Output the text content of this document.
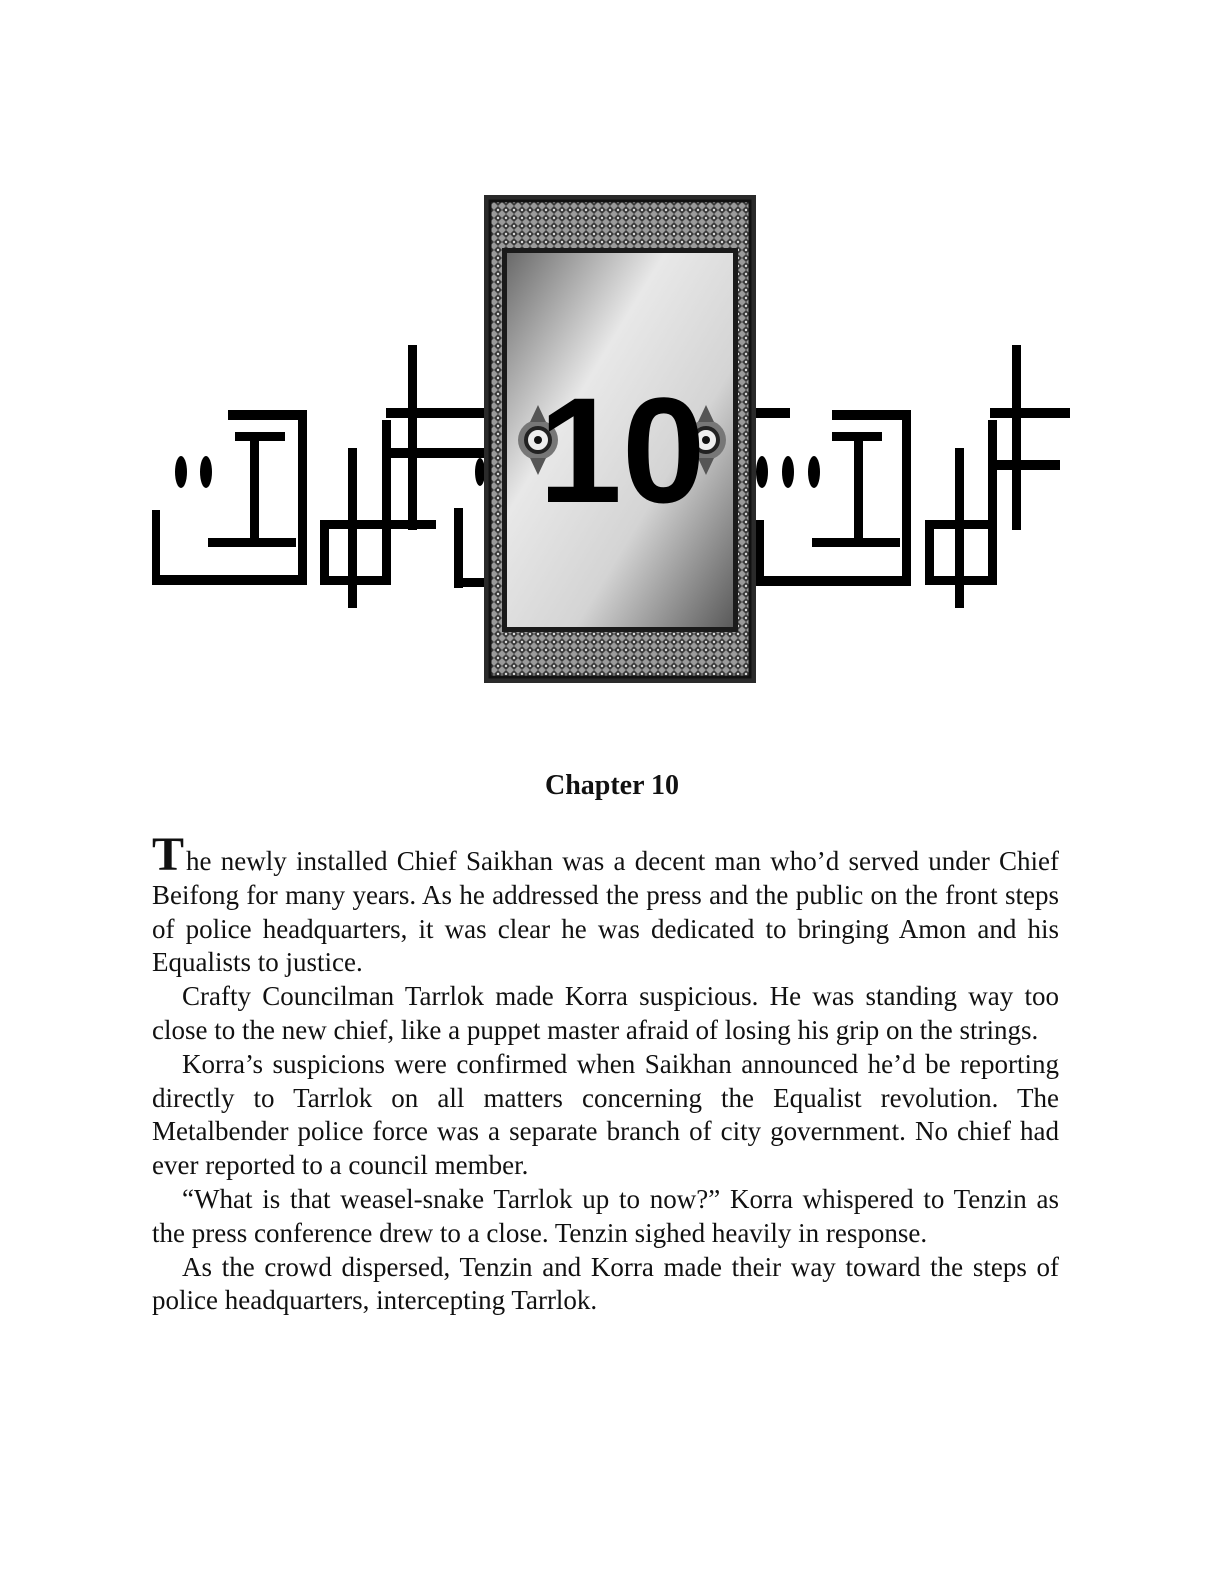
10
Chapter 10

The newly installed Chief Saikhan was a decent man who’d served under Chief Beifong for many years. As he addressed the press and the public on the front steps of police headquarters, it was clear he was dedicated to bringing Amon and his Equalists to justice.

Crafty Councilman Tarrlok made Korra suspicious. He was standing way too close to the new chief, like a puppet master afraid of losing his grip on the strings.

Korra’s suspicions were confirmed when Saikhan announced he’d be reporting directly to Tarrlok on all matters concerning the Equalist revolution. The Metalbender police force was a separate branch of city government. No chief had ever reported to a council member.

“What is that weasel-snake Tarrlok up to now?” Korra whispered to Tenzin as the press conference drew to a close. Tenzin sighed heavily in response.

As the crowd dispersed, Tenzin and Korra made their way toward the steps of police headquarters, intercepting Tarrlok.
